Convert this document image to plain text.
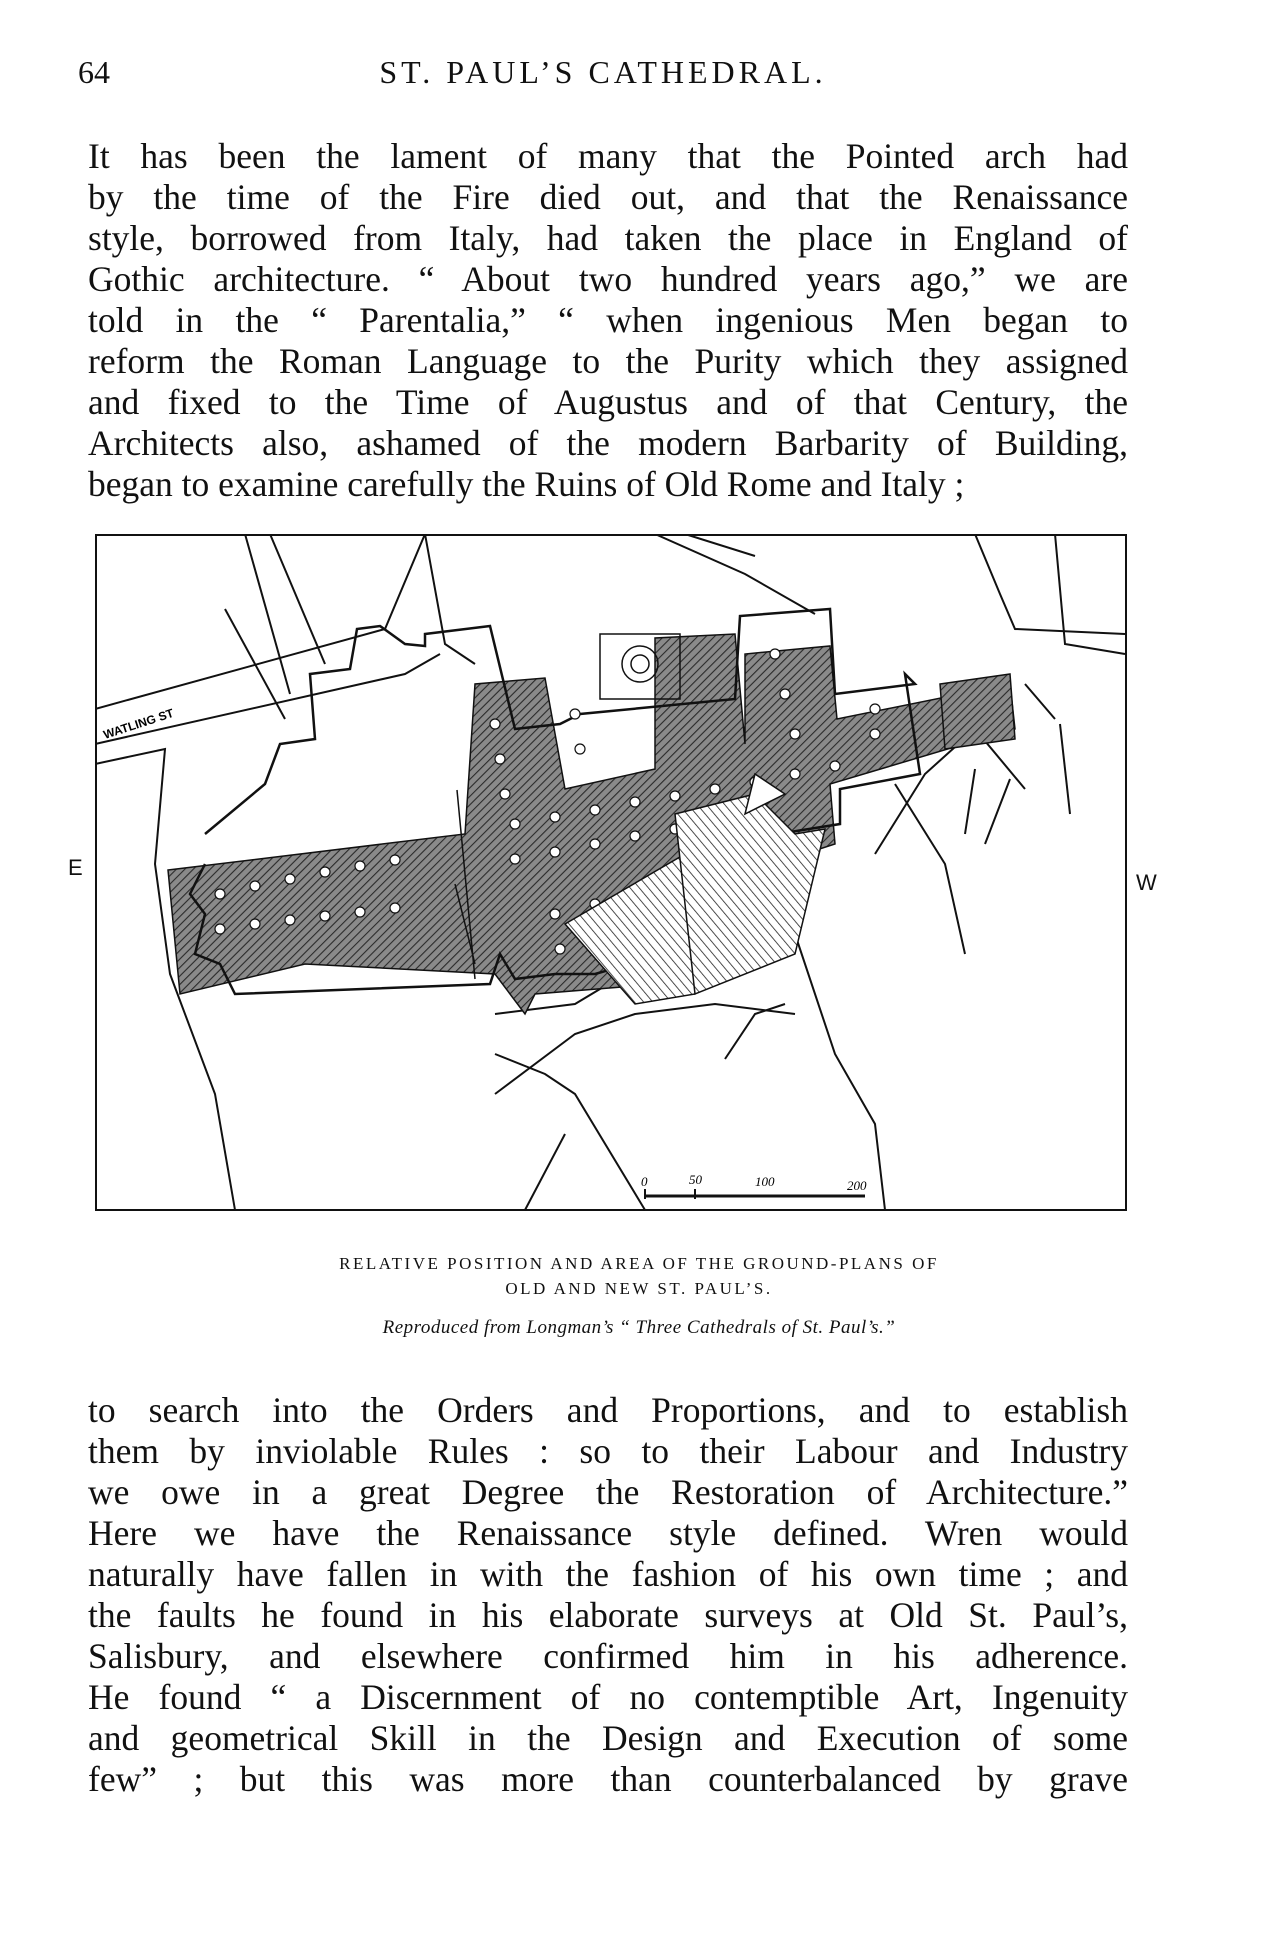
64	ST. PAUL’S CATHEDRAL.
It has been the lament of many that the Pointed arch had
by the time of the Fire died out, and that the Renaissance
style, borrowed from Italy, had taken the place in England of
Gothic architecture. “ About two hundred years ago,” we are
told in the “ Parentalia,” “ when ingenious Men began to
reform the Roman Language to the Purity which they assigned
and fixed to the Time of Augustus and of that Century, the
Architects also, ashamed of the modern Barbarity of Building,
began to examine carefully the Ruins of Old Rome and Italy ;
E
W
WATLING ST
0	50	100	200
RELATIVE POSITION AND AREA OF THE GROUND-PLANS OF
OLD AND NEW ST. PAUL’S.
Reproduced from Longman’s “ Three Cathedrals of St. Paul’s.”
to search into the Orders and Proportions, and to establish
them by inviolable Rules : so to their Labour and Industry
we owe in a great Degree the Restoration of Architecture.”
Here we have the Renaissance style defined. Wren would
naturally have fallen in with the fashion of his own time ; and
the faults he found in his elaborate surveys at Old St. Paul’s,
Salisbury, and elsewhere confirmed him in his adherence.
He found “ a Discernment of no contemptible Art, Ingenuity
and geometrical Skill in the Design and Execution of some
few” ; but this was more than counterbalanced by grave
